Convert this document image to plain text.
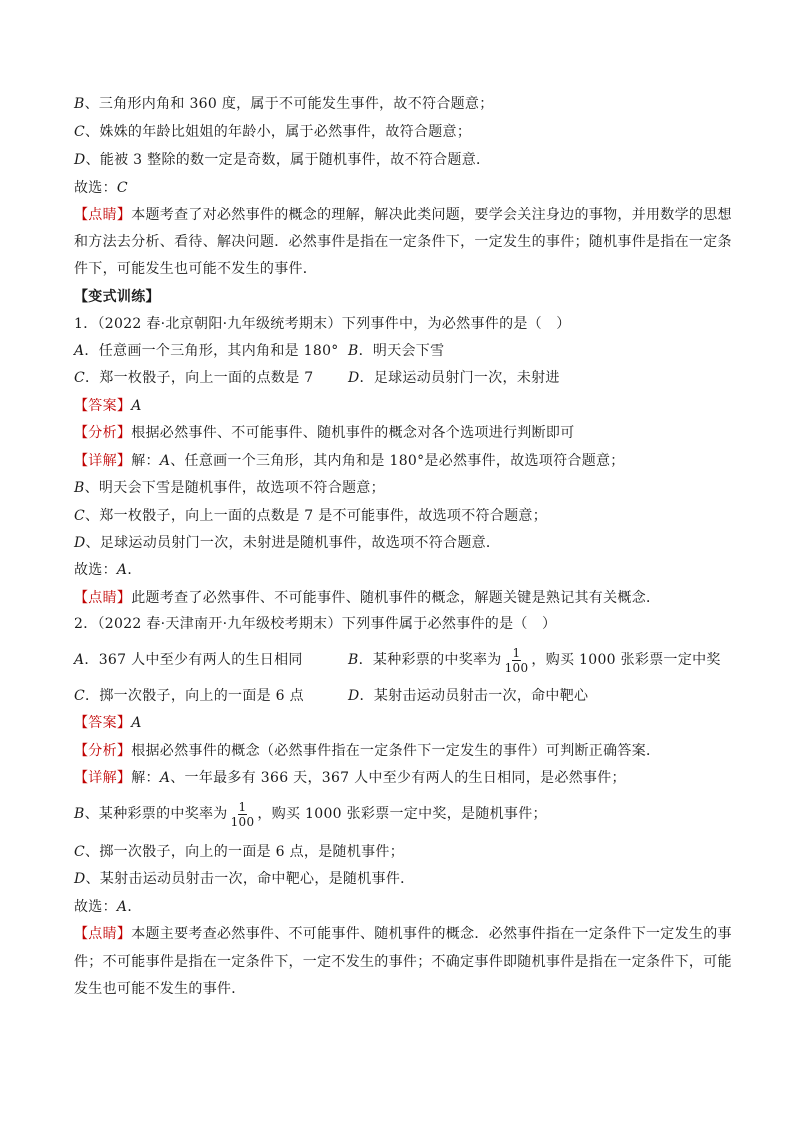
B、三角形内角和 360 度，属于不可能发生事件，故不符合题意；
C、姝姝的年龄比姐姐的年龄小，属于必然事件，故符合题意；
D、能被 3 整除的数一定是奇数，属于随机事件，故不符合题意．
故选：C
【点睛】本题考查了对必然事件的概念的理解，解决此类问题，要学会关注身边的事物，并用数学的思想
和方法去分析、看待、解决问题．必然事件是指在一定条件下，一定发生的事件；随机事件是指在一定条
件下，可能发生也可能不发生的事件．
【变式训练】
1．（2022 春·北京朝阳·九年级统考期末）下列事件中，为必然事件的是（　）
A．任意画一个三角形，其内角和是 180° B．明天会下雪
C．郑一枚骰子，向上一面的点数是 7 D．足球运动员射门一次，未射进
【答案】A
【分析】根据必然事件、不可能事件、随机事件的概念对各个选项进行判断即可
【详解】解：A、任意画一个三角形，其内角和是 180°是必然事件，故选项符合题意；
B、明天会下雪是随机事件，故选项不符合题意；
C、郑一枚骰子，向上一面的点数是 7 是不可能事件，故选项不符合题意；
D、足球运动员射门一次，未射进是随机事件，故选项不符合题意．
故选：A．
【点睛】此题考查了必然事件、不可能事件、随机事件的概念，解题关键是熟记其有关概念．
2．（2022 春·天津南开·九年级校考期末）下列事件属于必然事件的是（　）
A．367 人中至少有两人的生日相同	B．某种彩票的中奖率为 $\frac{1}{100}$ ，购买 1000 张彩票一定中奖
C．掷一次骰子，向上的一面是 6 点	D．某射击运动员射击一次，命中靶心
【答案】A
【分析】根据必然事件的概念（必然事件指在一定条件下一定发生的事件）可判断正确答案．
【详解】解：A、一年最多有 366 天，367 人中至少有两人的生日相同，是必然事件；
B、某种彩票的中奖率为 $\frac{1}{100}$ ，购买 1000 张彩票一定中奖，是随机事件；
C、掷一次骰子，向上的一面是 6 点，是随机事件；
D、某射击运动员射击一次，命中靶心，是随机事件．
故选：A．
【点睛】本题主要考查必然事件、不可能事件、随机事件的概念．必然事件指在一定条件下一定发生的事
件；不可能事件是指在一定条件下，一定不发生的事件；不确定事件即随机事件是指在一定条件下，可能
发生也可能不发生的事件．
